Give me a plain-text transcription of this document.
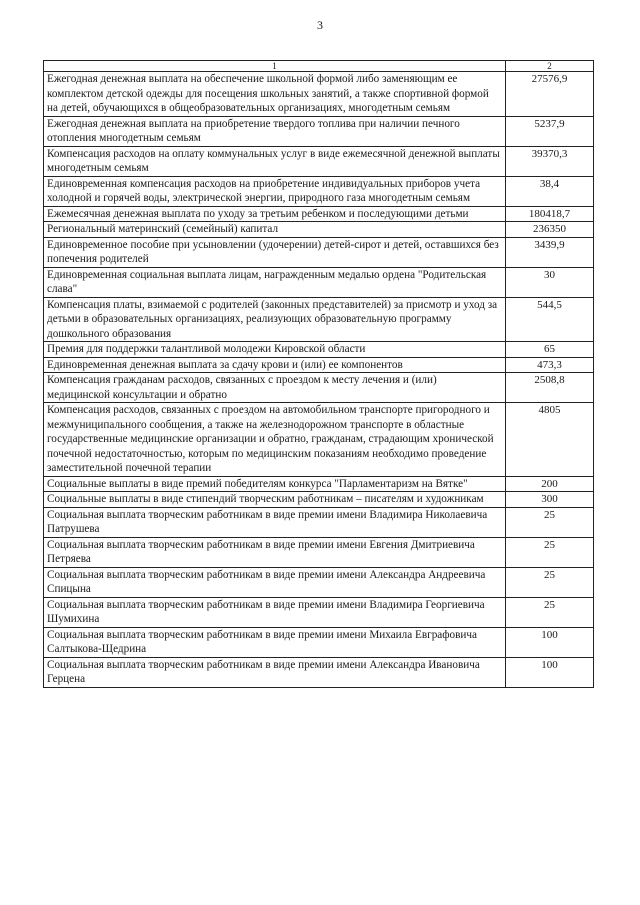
3
1	2
Ежегодная денежная выплата на обеспечение школьной формой либо заменяющим ее комплектом детской одежды для посещения школьных занятий, а также спортивной формой на детей, обучающихся в общеобразовательных организациях, многодетным семьям	27576,9
Ежегодная денежная выплата на приобретение твердого топлива при наличии печного отопления многодетным семьям	5237,9
Компенсация расходов на оплату коммунальных услуг в виде ежемесячной денежной выплаты многодетным семьям	39370,3
Единовременная компенсация расходов на приобретение индивидуальных приборов учета холодной и горячей воды, электрической энергии, природного газа многодетным семьям	38,4
Ежемесячная денежная выплата по уходу за третьим ребенком и последующими детьми	180418,7
Региональный материнский (семейный) капитал	236350
Единовременное пособие при усыновлении (удочерении) детей-сирот и детей, оставшихся без попечения родителей	3439,9
Единовременная социальная выплата лицам, награжденным медалью ордена "Родительская слава"	30
Компенсация платы, взимаемой с родителей (законных представителей) за присмотр и уход за детьми в образовательных организациях, реализующих образовательную программу дошкольного образования	544,5
Премия для поддержки талантливой молодежи Кировской области	65
Единовременная денежная выплата за сдачу крови и (или) ее компонентов	473,3
Компенсация гражданам расходов, связанных с проездом к месту лечения и (или) медицинской консультации и обратно	2508,8
Компенсация расходов, связанных с проездом на автомобильном транспорте пригородного и межмуниципального сообщения, а также на железнодорожном транспорте в областные государственные медицинские организации и обратно, гражданам, страдающим хронической почечной недостаточностью, которым по медицинским показаниям необходимо проведение заместительной почечной терапии	4805
Социальные выплаты в виде премий победителям конкурса "Парламентаризм на Вятке"	200
Социальные выплаты в виде стипендий творческим работникам – писателям и художникам	300
Социальная выплата творческим работникам в виде премии имени Владимира Николаевича Патрушева	25
Социальная выплата творческим работникам в виде премии имени Евгения Дмитриевича Петряева	25
Социальная выплата творческим работникам в виде премии имени Александра Андреевича Спицына	25
Социальная выплата творческим работникам в виде премии имени Владимира Георгиевича Шумихина	25
Социальная выплата творческим работникам в виде премии имени Михаила Евграфовича Салтыкова-Щедрина	100
Социальная выплата творческим работникам в виде премии имени Александра Ивановича Герцена	100
